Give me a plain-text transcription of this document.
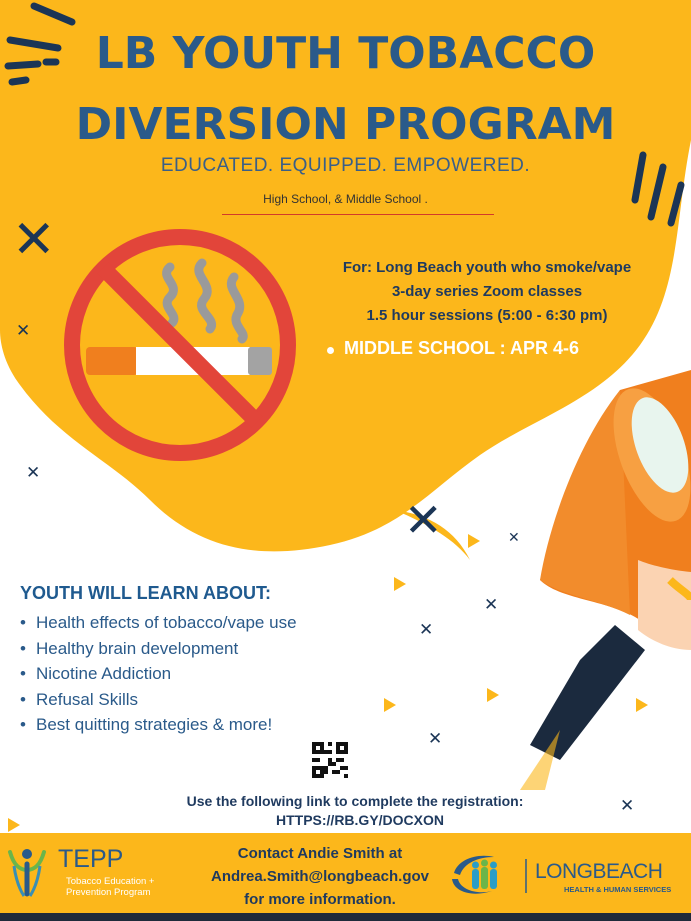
LB YOUTH TOBACCO
DIVERSION PROGRAM
EDUCATED. EQUIPPED. EMPOWERED.
High School, & Middle School .
For: Long Beach youth who smoke/vape
3-day series Zoom classes
1.5 hour sessions (5:00 - 6:30 pm)
MIDDLE SCHOOL : APR 4-6
✕
✕
✕
✕	✕
✕
✕
✕
✕
YOUTH WILL LEARN ABOUT:
• Health effects of tobacco/vape use
• Healthy brain development
• Nicotine Addiction
• Refusal Skills
• Best quitting strategies & more!
Use the following link to complete the registration:
HTTPS://RB.GY/DOCXON
TEPP
Tobacco Education +
Prevention Program
Contact Andie Smith at
Andrea.Smith@longbeach.gov
for more information.
LONGBEACH
HEALTH & HUMAN SERVICES
